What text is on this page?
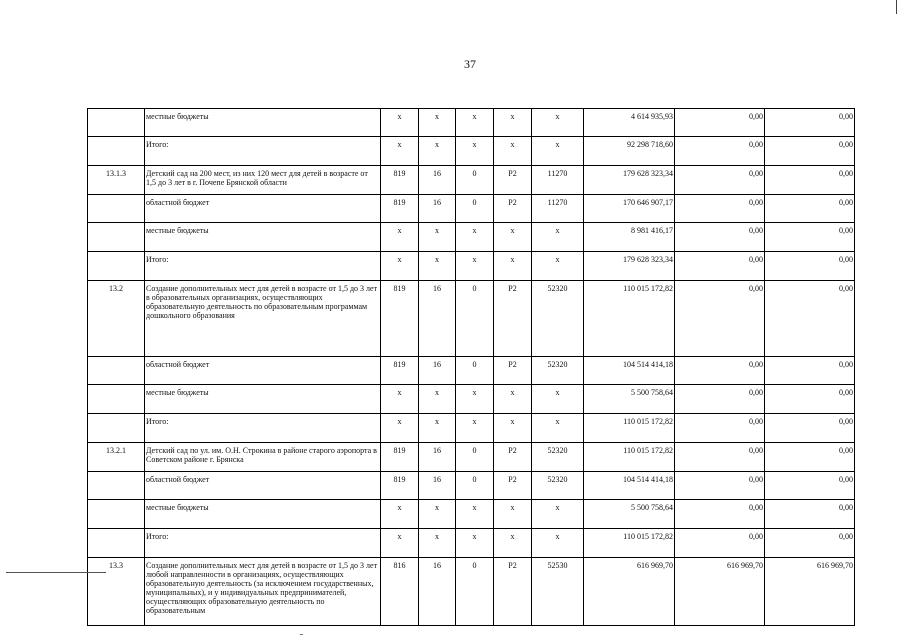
37
	местные бюджеты	x	x	x	x	x	4 614 935,93	0,00	0,00
	Итого:	x	x	x	x	x	92 298 718,60	0,00	0,00
13.1.3	Детский сад на 200 мест, из них 120 мест для детей в возрасте от 1,5 до 3 лет в г. Почепе Брянской области	819	16	0	P2	11270	179 628 323,34	0,00	0,00
	областной бюджет	819	16	0	P2	11270	170 646 907,17	0,00	0,00
	местные бюджеты	x	x	x	x	x	8 981 416,17	0,00	0,00
	Итого:	x	x	x	x	x	179 628 323,34	0,00	0,00
13.2	Создание дополнительных мест для детей в возрасте от 1,5 до 3 лет в образовательных организациях, осуществляющих образовательную деятельность по образовательным программам дошкольного образования	819	16	0	P2	52320	110 015 172,82	0,00	0,00
	областной бюджет	819	16	0	P2	52320	104 514 414,18	0,00	0,00
	местные бюджеты	x	x	x	x	x	5 500 758,64	0,00	0,00
	Итого:	x	x	x	x	x	110 015 172,82	0,00	0,00
13.2.1	Детский сад по ул. им. О.Н. Строкина в районе старого аэропорта в Советском районе г. Брянска	819	16	0	P2	52320	110 015 172,82	0,00	0,00
	областной бюджет	819	16	0	P2	52320	104 514 414,18	0,00	0,00
	местные бюджеты	x	x	x	x	x	5 500 758,64	0,00	0,00
	Итого:	x	x	x	x	x	110 015 172,82	0,00	0,00
13.3	Создание дополнительных мест для детей в возрасте от 1,5 до 3 лет любой направленности в организациях, осуществляющих образовательную деятельность (за исключением государственных, муниципальных), и у индивидуальных предпринимателей, осуществляющих образовательную деятельность по образовательным	816	16	0	P2	52530	616 969,70	616 969,70	616 969,70
